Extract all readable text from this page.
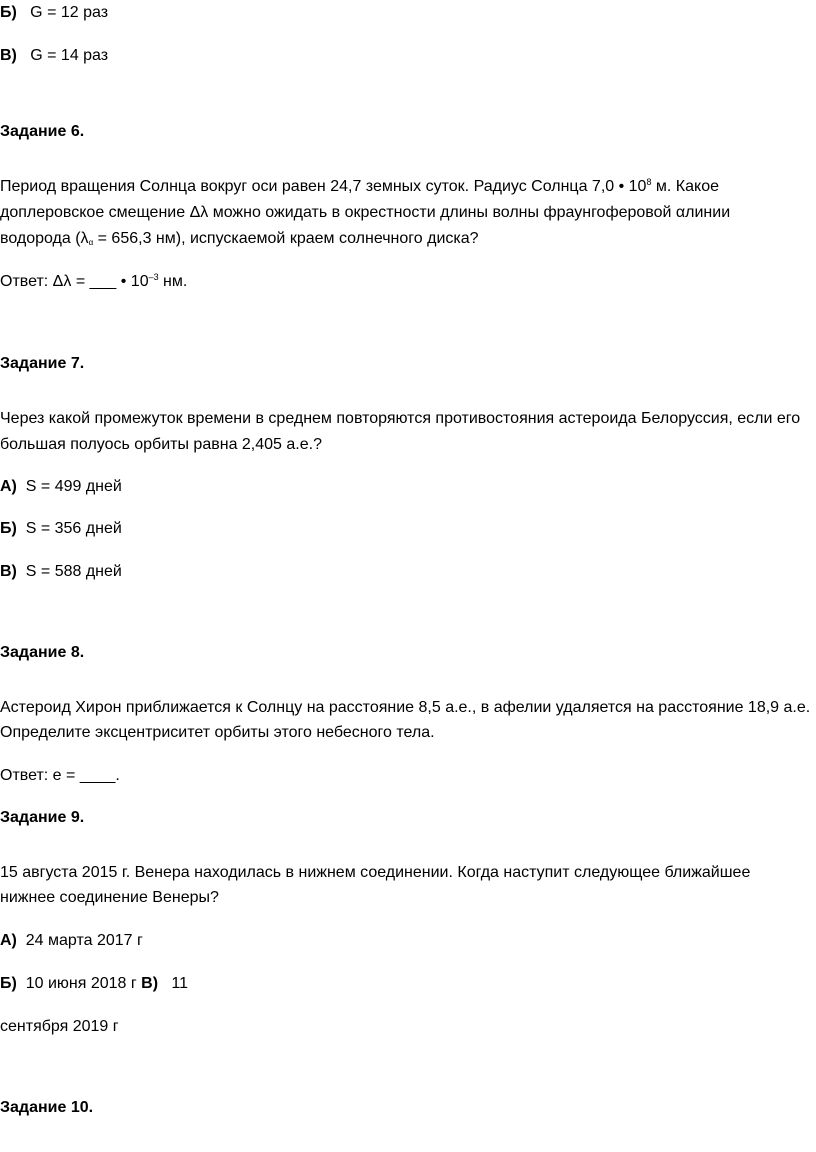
Б) G = 12 раз
В) G = 14 раз
Задание 6.
Период вращения Солнца вокруг оси равен 24,7 земных суток. Радиус Солнца 7,0 • $10^8$ м. Какое
доплеровское смещение Δλ можно ожидать в окрестности длины волны фраунгоферовой αлинии
водорода ($\lambda_\alpha = 656,3$ нм), испускаемой краем солнечного диска?
Ответ: Δλ = ___ • $10^{-3}$ нм.
Задание 7.
Через какой промежуток времени в среднем повторяются противостояния астероида Белоруссия, если его
большая полуось орбиты равна 2,405 а.е.?
А) S = 499 дней
Б) S = 356 дней
В) S = 588 дней
Задание 8.
Астероид Хирон приближается к Солнцу на расстояние 8,5 а.е., в афелии удаляется на расстояние 18,9 а.е.
Определите эксцентриситет орбиты этого небесного тела.
Ответ: e = ____.
Задание 9.
15 августа 2015 г. Венера находилась в нижнем соединении. Когда наступит следующее ближайшее
нижнее соединение Венеры?
А) 24 марта 2017 г
Б) 10 июня 2018 г В) 11
сентября 2019 г
Задание 10.
